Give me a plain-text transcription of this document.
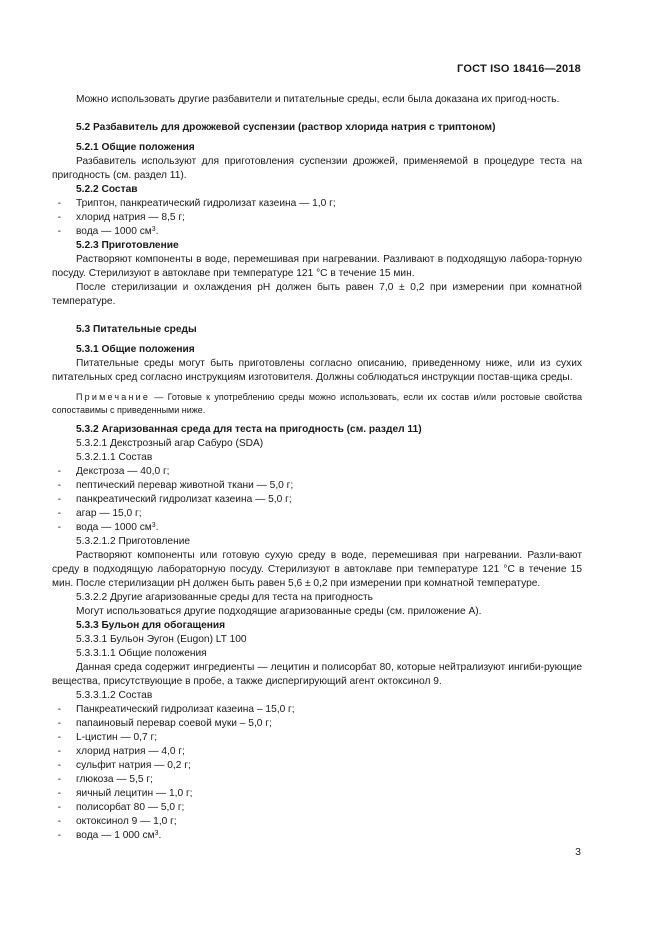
ГОСТ ISO 18416—2018

Можно использовать другие разбавители и питательные среды, если была доказана их пригод-ность.

5.2 Разбавитель для дрожжевой суспензии (раствор хлорида натрия с триптоном)

5.2.1 Общие положения

Разбавитель используют для приготовления суспензии дрожжей, применяемой в процедуре теста на пригодность (см. раздел 11).

5.2.2 Состав

-	Триптон, панкреатический гидролизат казеина — 1,0 г;
-	хлорид натрия — 8,5 г;
-	вода — 1000 $см^3$.

5.2.3 Приготовление

Растворяют компоненты в воде, перемешивая при нагревании. Разливают в подходящую лабора-торную посуду. Стерилизуют в автоклаве при температуре 121 °С в течение 15 мин.

После стерилизации и охлаждения pH должен быть равен 7,0 ± 0,2 при измерении при комнатной температуре.

5.3 Питательные среды

5.3.1 Общие положения

Питательные среды могут быть приготовлены согласно описанию, приведенному ниже, или из сухих питательных сред согласно инструкциям изготовителя. Должны соблюдаться инструкции постав-щика среды.

Примечание — Готовые к употреблению среды можно использовать, если их состав и/или ростовые свойства сопоставимы с приведенными ниже.

5.3.2 Агаризованная среда для теста на пригодность (см. раздел 11)

5.3.2.1 Декстрозный агар Сабуро (SDA)

5.3.2.1.1 Состав

-	Декстроза — 40,0 г;
-	пептический перевар животной ткани — 5,0 г;
-	панкреатический гидролизат казеина — 5,0 г;
-	агар — 15,0 г;
-	вода — 1000 $см^3$.

5.3.2.1.2 Приготовление

Растворяют компоненты или готовую сухую среду в воде, перемешивая при нагревании. Разли-вают среду в подходящую лабораторную посуду. Стерилизуют в автоклаве при температуре 121 °С в течение 15 мин. После стерилизации pH должен быть равен 5,6 ± 0,2 при измерении при комнатной температуре.

5.3.2.2 Другие агаризованные среды для теста на пригодность

Могут использоваться другие подходящие агаризованные среды (см. приложение А).

5.3.3 Бульон для обогащения

5.3.3.1 Бульон Эугон (Eugon) LT 100

5.3.3.1.1 Общие положения

Данная среда содержит ингредиенты — лецитин и полисорбат 80, которые нейтрализуют ингиби-рующие вещества, присутствующие в пробе, а также диспергирующий агент октоксинол 9.

5.3.3.1.2 Состав

-	Панкреатический гидролизат казеина – 15,0 г;
-	папаиновый перевар соевой муки – 5,0 г;
-	L-цистин — 0,7 г;
-	хлорид натрия — 4,0 г;
-	сульфит натрия — 0,2 г;
-	глюкоза — 5,5 г;
-	яичный лецитин — 1,0 г;
-	полисорбат 80 — 5,0 г;
-	октоксинол 9 — 1,0 г;
-	вода — 1 000 $см^3$.
3
